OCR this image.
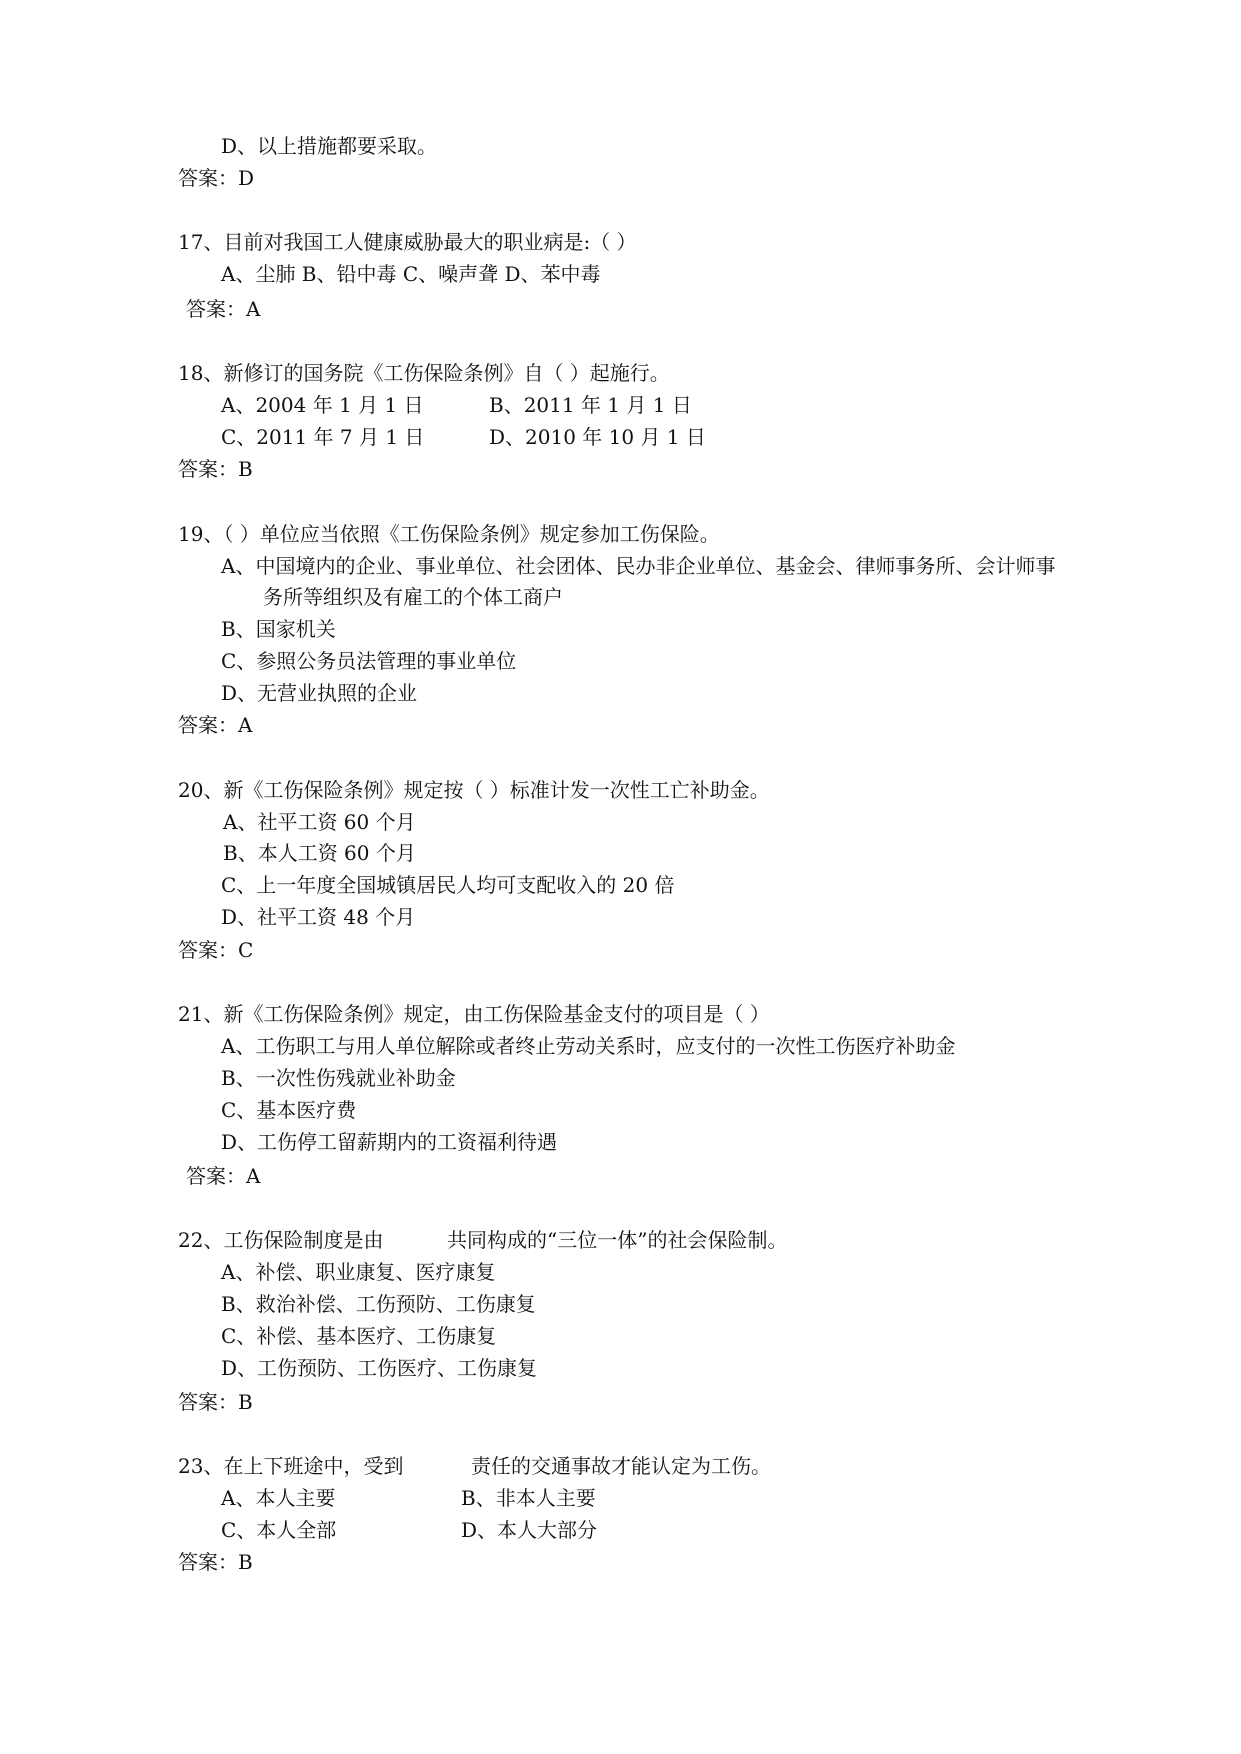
D、以上措施都要采取。
答案：D
17、目前对我国工人健康威胁最大的职业病是:（ ）
A、尘肺 B、铅中毒 C、噪声聋 D、苯中毒
答案：A
18、新修订的国务院《工伤保险条例》自（ ）起施行。
A、2004 年 1 月 1 日	B、2011 年 1 月 1 日
C、2011 年 7 月 1 日	D、2010 年 10 月 1 日
答案：B
19、（ ）单位应当依照《工伤保险条例》规定参加工伤保险。
A、中国境内的企业、事业单位、社会团体、民办非企业单位、基金会、律师事务所、会计师事
务所等组织及有雇工的个体工商户
B、国家机关
C、参照公务员法管理的事业单位
D、无营业执照的企业
答案：A
20、新《工伤保险条例》规定按（ ）标准计发一次性工亡补助金。
A、社平工资 60 个月
B、本人工资 60 个月
C、上一年度全国城镇居民人均可支配收入的 20 倍
D、社平工资 48 个月
答案：C
21、新《工伤保险条例》规定，由工伤保险基金支付的项目是（ ）
A、工伤职工与用人单位解除或者终止劳动关系时，应支付的一次性工伤医疗补助金
B、一次性伤残就业补助金
C、基本医疗费
D、工伤停工留薪期内的工资福利待遇
答案：A
22、工伤保险制度是由	共同构成的“三位一体”的社会保险制。
A、补偿、职业康复、医疗康复
B、救治补偿、工伤预防、工伤康复
C、补偿、基本医疗、工伤康复
D、工伤预防、工伤医疗、工伤康复
答案：B
23、在上下班途中，受到	责任的交通事故才能认定为工伤。
A、本人主要	B、非本人主要
C、本人全部	D、本人大部分
答案：B
